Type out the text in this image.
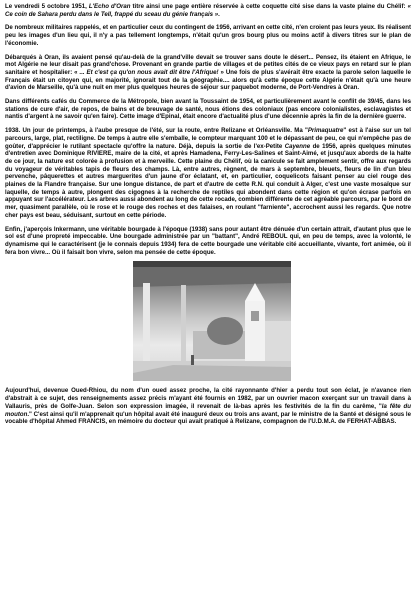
Le vendredi 5 octobre 1951, L'Echo d'Oran titre ainsi une page entière réservée à cette coquette cité sise dans la vaste plaine du Chélif: « Ce coin de Sahara perdu dans le Tell, frappé du sceau du génie français ».

De nombreux militaires rappelés, et en particulier ceux du contingent de 1956, arrivant en cette cité, n'en croient pas leurs yeux. Ils réalisent peu les images d'un lieu qui, il n'y a pas tellement longtemps, n'était qu'un gros bourg plus ou moins actif à divers titres sur le plan de l'économie.

Débarqués à Oran, ils avaient pensé qu'au-delà de la grand'ville devait se trouver sans doute le désert... Pensez, ils étaient en Afrique, le mot Algérie ne leur disait pas grand'chose. Provenant en grande partie de villages et de petites cités de ce vieux pays en retard sur le plan sanitaire et hospitalier: « ... Et c'est ça qu'on nous avait dit être l'Afrique! » Une fois de plus s'avérait être exacte la parole selon laquelle le Français était un citoyen qui, en majorité, ignorait tout de la géographie.... alors qu'à cette époque cette Algérie n'était qu'à une heure d'avion de Marseille, qu'à une nuit en mer plus quelques heures de séjour sur paquebot moderne, de Port-Vendres à Oran.

Dans différents cafés du Commerce de la Métropole, bien avant la Toussaint de 1954, et particulièrement avant le conflit de 39/45, dans les stations de cure d'air, de repos, de bains et de breuvage de santé, nous étions des coloniaux (pas encore colonialistes, esclavagistes et nantis d'argent à ne savoir qu'en faire). Cette image d'Epinal, était encore d'actualité plus d'une décennie après la fin de la dernière guerre.

1938. Un jour de printemps, à l'aube presque de l'été, sur la route, entre Relizane et Orléansville. Ma "Primaquatre" est à l'aise sur un tel parcours, large, plat, rectiligne. De temps à autre elle s'emballe, le compteur marquant 100 et le dépassant de peu, ce qui n'empêche pas de goûter, d'apprécier le rutilant spectacle qu'offre la nature. Déjà, depuis la sortie de l'ex-Petite Cayenne de 1956, après quelques minutes d'entretien avec Dominique RIVIERE, maire de la cité, et après Hamadena, Ferry-Les-Salines et Saint-Aimé, et jusqu'aux abords de la halte de ce jour, la nature est colorée à profusion et à merveille. Cette plaine du Chélif, où la canicule se fait amplement sentir, offre aux regards du voyageur de véritables tapis de fleurs des champs. Là, entre autres, règnent, de mars à septembre, bleuets, fleurs de lin d'un bleu pervenche, pâquerettes et autres marguerites d'un jaune d'or éclatant, et, en particulier, coquelicots faisant penser au ciel rouge des plaines de la Flandre française. Sur une longue distance, de part et d'autre de cette R.N. qui conduit à Alger, c'est une vaste mosaïque sur laquelle, de temps à autre, plongent des cigognes à la recherche de reptiles qui abondent dans cette région et qu'on écrase parfois en appuyant sur l'accélérateur. Les arbres aussi abondent au long de cette rocade, combien différente de cet agréable parcours, par le bord de mer, quasiment parallèle, où le rose et le rouge des roches et des falaises, en roulant "farniente", accrochent aussi les regards. Que notre cher pays est beau, séduisant, surtout en cette période.

Enfin, j'aperçois Inkermann, une véritable bourgade à l'époque (1938) sans pour autant être dénuée d'un certain attrait, d'autant plus que le sol est d'une propreté impeccable. Une bourgade administrée par un "battant", André REBOUL qui, en peu de temps, avec la volonté, le dynamisme qui le caractérisent (je le connais depuis 1934) fera de cette bourgade une véritable cité accueillante, vivante, fort animée, où il fera bon vivre... Où il faisait bon vivre, selon ma pensée de cette époque.

Aujourd'hui, devenue Oued-Rhiou, du nom d'un oued assez proche, la cité rayonnante d'hier a perdu tout son éclat, je n'avance rien d'abstrait à ce sujet, des renseignements assez précis m'ayant été fournis en 1982, par un ouvrier macon exerçant sur un travail dans à Vallauris, près de Golfe-Juan. Selon son expression imagée, il revenait de là-bas après les festivités de la fin du carême, "la fête du mouton." C'est ainsi qu'il m'apprenait qu'un hôpital avait été inauguré deux ou trois ans avant, par le ministre de la Santé et désigné sous le vocable d'hôpital Ahmed FRANCIS, en mémoire du docteur qui avait pratiqué à Relizane, compagnon de l'U.D.M.A. de FERHAT-ABBAS.
